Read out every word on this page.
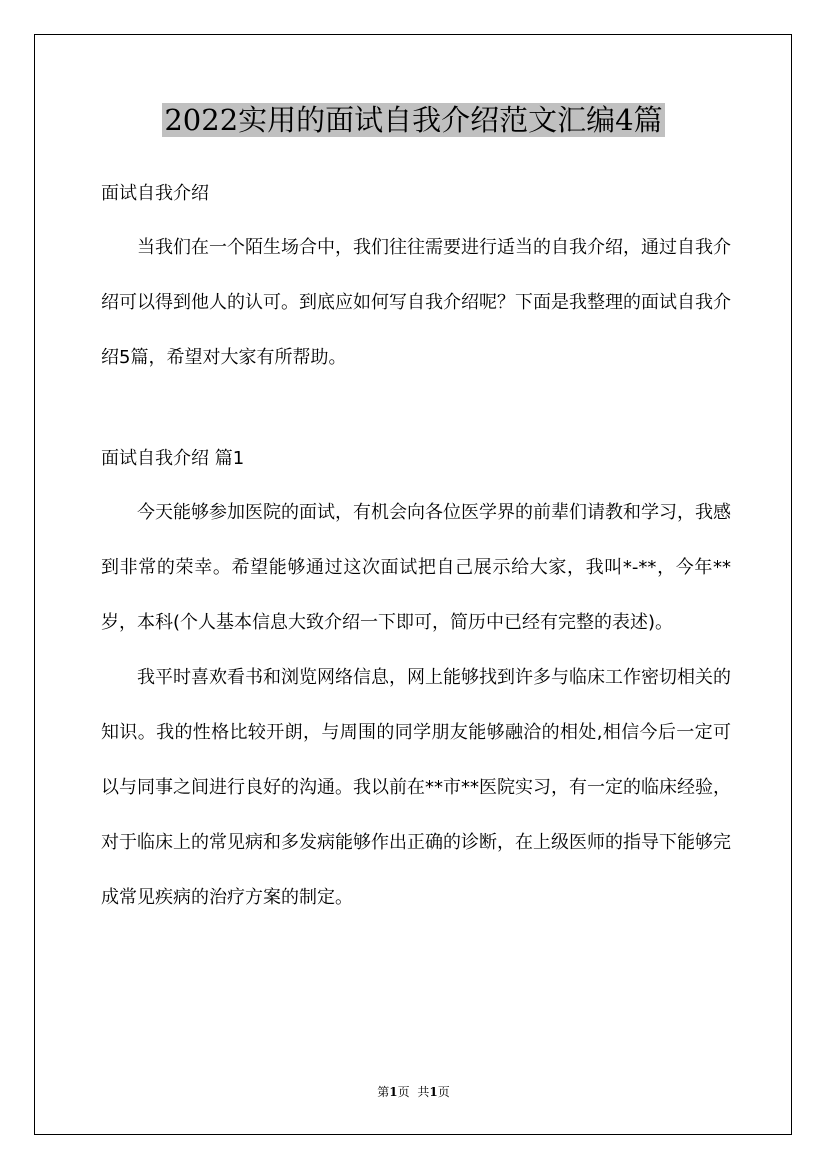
2022实用的面试自我介绍范文汇编4篇
面试自我介绍

当我们在一个陌生场合中，我们往往需要进行适当的自我介绍，通过自我介绍可以得到他人的认可。到底应如何写自我介绍呢？下面是我整理的面试自我介绍5篇，希望对大家有所帮助。

面试自我介绍 篇1

今天能够参加医院的面试，有机会向各位医学界的前辈们请教和学习，我感到非常的荣幸。希望能够通过这次面试把自己展示给大家，我叫*-**，今年**岁，本科(个人基本信息大致介绍一下即可，简历中已经有完整的表述)。

我平时喜欢看书和浏览网络信息，网上能够找到许多与临床工作密切相关的知识。我的性格比较开朗，与周围的同学朋友能够融洽的相处,相信今后一定可以与同事之间进行良好的沟通。我以前在**市**医院实习，有一定的临床经验，对于临床上的常见病和多发病能够作出正确的诊断，在上级医师的指导下能够完成常见疾病的治疗方案的制定。

第1页 共1页
